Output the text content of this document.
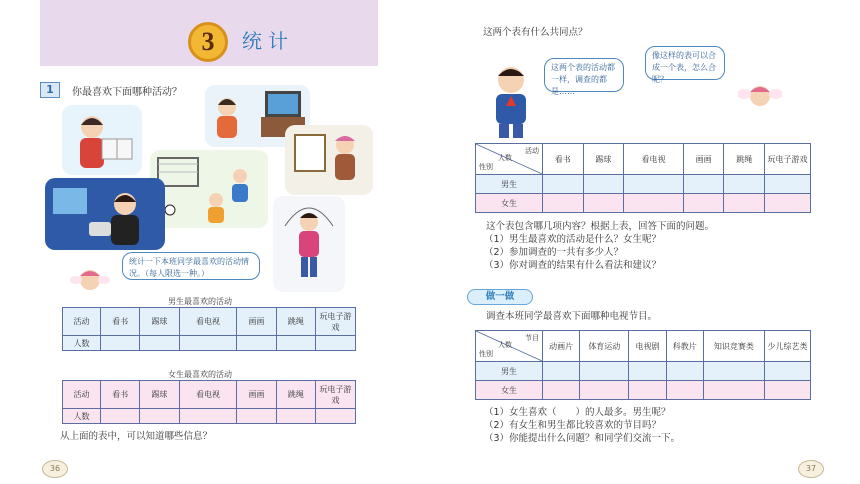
3	统计
1	你最喜欢下面哪种活动？
统计一下本班同学最喜欢的活动情况。（每人限选一种。）
男生最喜欢的活动
活动	看书	踢球	看电视	画画	跳绳	玩电子游戏
人数						
女生最喜欢的活动
活动	看书	踢球	看电视	画画	跳绳	玩电子游戏
人数						
从上面的表中，可以知道哪些信息？
36
这两个表有什么共同点？
这两个表的活动都一样，调查的都是……
像这样的表可以合成一个表，怎么合呢？
活动
人数
性别	看书	踢球	看电视	画画	跳绳	玩电子游戏
男生						
女生						
这个表包含哪几项内容？根据上表，回答下面的问题。
（1）男生最喜欢的活动是什么？女生呢？
（2）参加调查的一共有多少人？
（3）你对调查的结果有什么看法和建议？
做一做
调查本班同学最喜欢下面哪种电视节目。
节目
人数
性别	动画片	体育运动	电视剧	科教片	知识竞赛类	少儿综艺类
男生						
女生						
（1）女生喜欢（　　）的人最多。男生呢？
（2）有女生和男生都比较喜欢的节目吗？
（3）你能提出什么问题？和同学们交流一下。
37
